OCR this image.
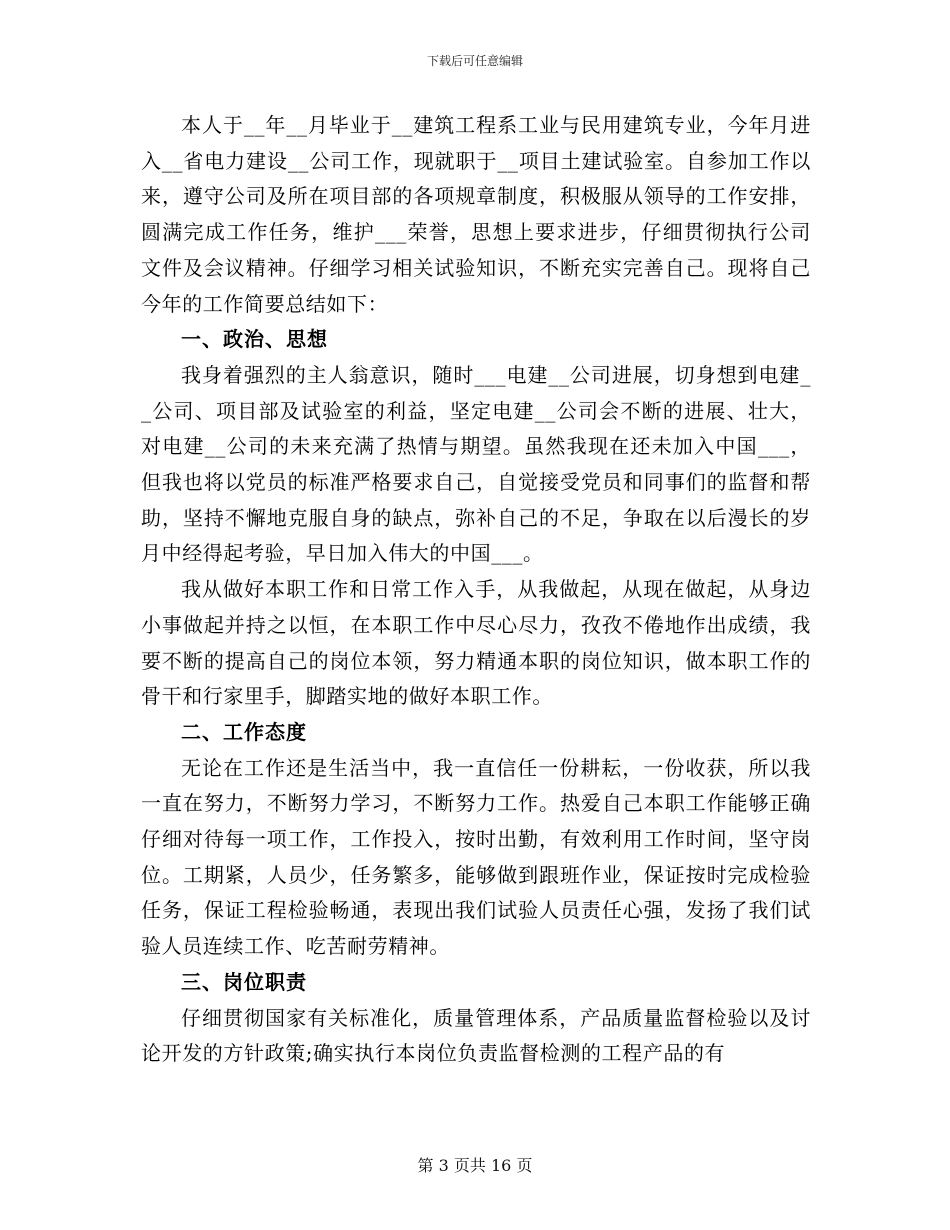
下载后可任意编辑

本人于__年__月毕业于__建筑工程系工业与民用建筑专业，今年月进入__省电力建设__公司工作，现就职于__项目土建试验室。自参加工作以来，遵守公司及所在项目部的各项规章制度，积极服从领导的工作安排，圆满完成工作任务，维护___荣誉，思想上要求进步，仔细贯彻执行公司文件及会议精神。仔细学习相关试验知识，不断充实完善自己。现将自己今年的工作简要总结如下：

一、政治、思想

我身着强烈的主人翁意识，随时___电建__公司进展，切身想到电建__公司、项目部及试验室的利益，坚定电建__公司会不断的进展、壮大，对电建__公司的未来充满了热情与期望。虽然我现在还未加入中国___，但我也将以党员的标准严格要求自己，自觉接受党员和同事们的监督和帮助，坚持不懈地克服自身的缺点，弥补自己的不足，争取在以后漫长的岁月中经得起考验，早日加入伟大的中国___。

我从做好本职工作和日常工作入手，从我做起，从现在做起，从身边小事做起并持之以恒，在本职工作中尽心尽力，孜孜不倦地作出成绩，我要不断的提高自己的岗位本领，努力精通本职的岗位知识，做本职工作的骨干和行家里手，脚踏实地的做好本职工作。

二、工作态度

无论在工作还是生活当中，我一直信任一份耕耘，一份收获，所以我一直在努力，不断努力学习，不断努力工作。热爱自己本职工作能够正确仔细对待每一项工作，工作投入，按时出勤，有效利用工作时间，坚守岗位。工期紧，人员少，任务繁多，能够做到跟班作业，保证按时完成检验任务，保证工程检验畅通，表现出我们试验人员责任心强，发扬了我们试验人员连续工作、吃苦耐劳精神。

三、岗位职责

仔细贯彻国家有关标准化，质量管理体系，产品质量监督检验以及讨论开发的方针政策;确实执行本岗位负责监督检测的工程产品的有

第 3 页共 16 页
